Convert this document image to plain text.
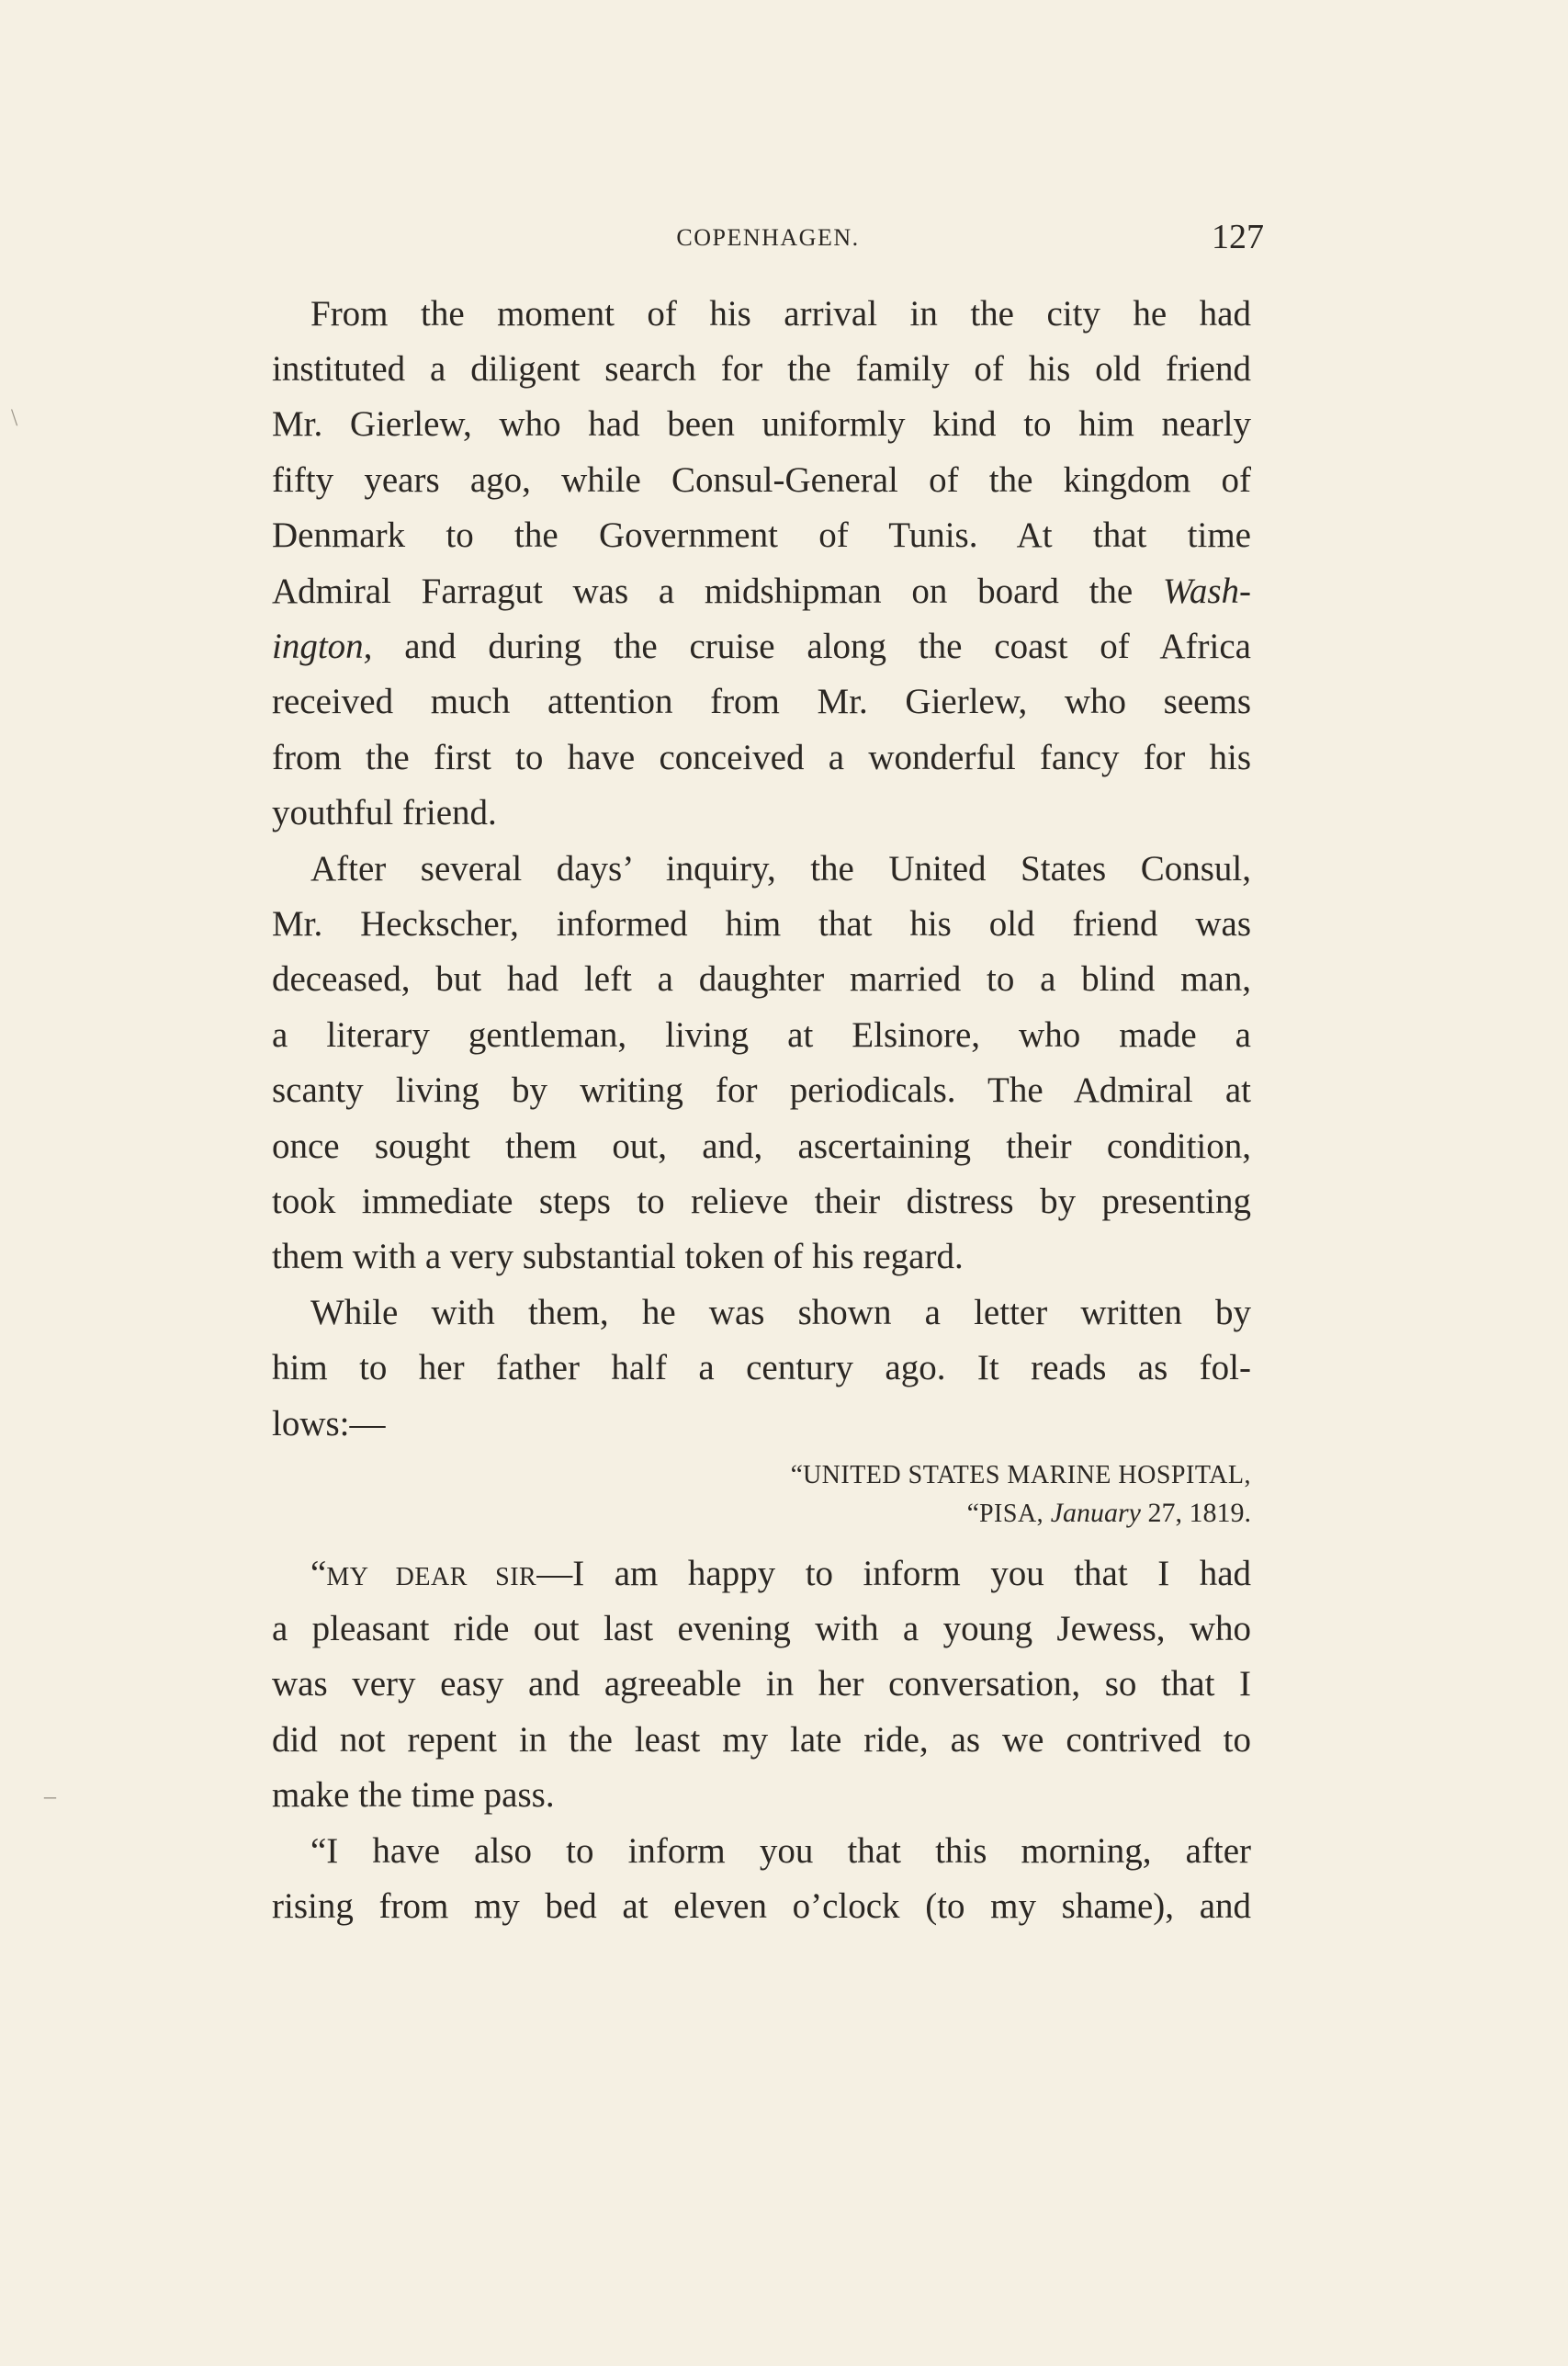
COPENHAGEN.	127
From the moment of his arrival in the city he had
instituted a diligent search for the family of his old friend
Mr. Gierlew, who had been uniformly kind to him nearly
fifty years ago, while Consul-General of the kingdom of
Denmark to the Government of Tunis. At that time
Admiral Farragut was a midshipman on board the Wash-
ington, and during the cruise along the coast of Africa
received much attention from Mr. Gierlew, who seems
from the first to have conceived a wonderful fancy for his
youthful friend.
After several days’ inquiry, the United States Consul,
Mr. Heckscher, informed him that his old friend was
deceased, but had left a daughter married to a blind man,
a literary gentleman, living at Elsinore, who made a
scanty living by writing for periodicals. The Admiral at
once sought them out, and, ascertaining their condition,
took immediate steps to relieve their distress by presenting
them with a very substantial token of his regard.
While with them, he was shown a letter written by
him to her father half a century ago. It reads as fol-
lows:—
“UNITED STATES MARINE HOSPITAL,
“PISA, January 27, 1819.
“MY DEAR SIR—I am happy to inform you that I had
a pleasant ride out last evening with a young Jewess, who
was very easy and agreeable in her conversation, so that I
did not repent in the least my late ride, as we contrived to
make the time pass.
“I have also to inform you that this morning, after
rising from my bed at eleven o’clock (to my shame), and
\
–
